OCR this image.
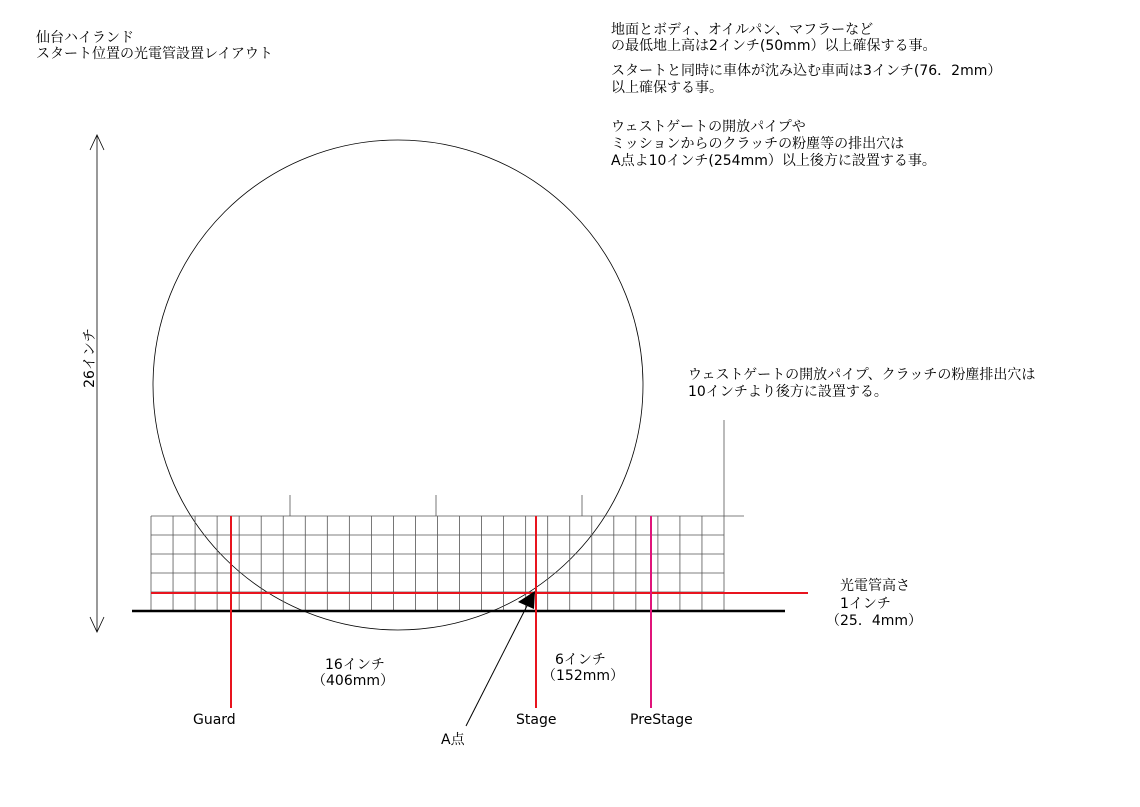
仙台ハイランド
スタート位置の光電管設置レイアウト
地面とボディ、オイルパン、マフラーなど
の最低地上高は2インチ(50mm）以上確保する事。
スタートと同時に車体が沈み込む車両は3インチ(76．2mm）
以上確保する事。
ウェストゲートの開放パイプや
ミッションからのクラッチの粉塵等の排出穴は
A点よ10インチ(254mm）以上後方に設置する事。
ウェストゲートの開放パイプ、クラッチの粉塵排出穴は
10インチより後方に設置する。
26インチ
光電管高さ
1インチ
（25．4mm）
16インチ
（406mm）
6インチ
（152mm）
Guard	Stage	PreStage
A点
